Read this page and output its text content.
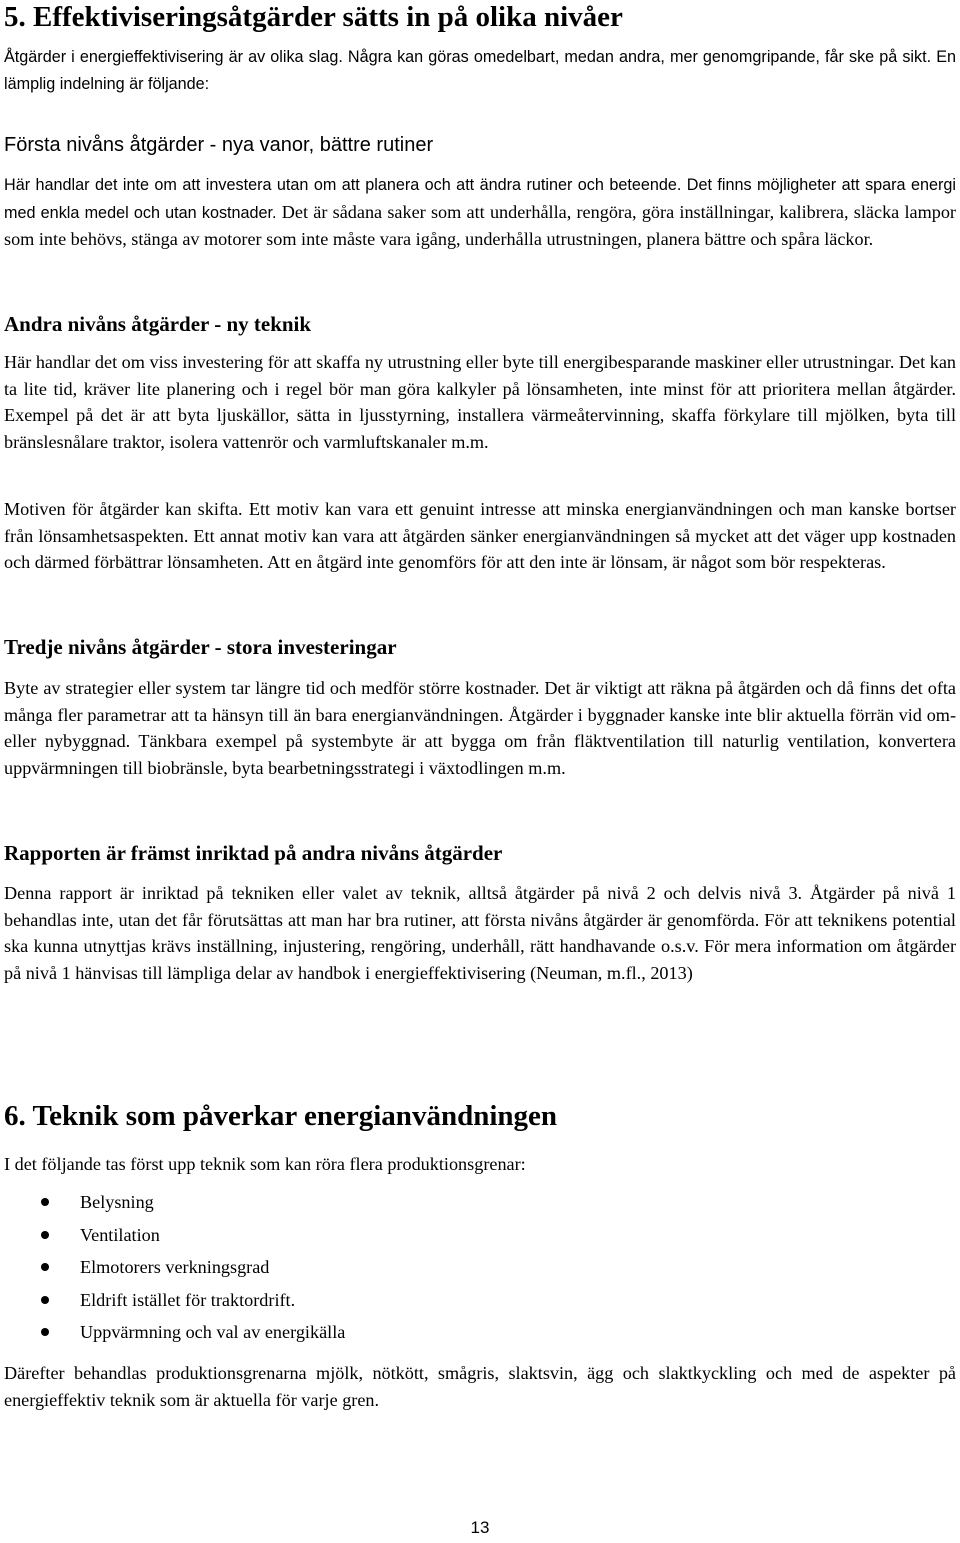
5. Effektiviseringsåtgärder sätts in på olika nivåer

Åtgärder i energieffektivisering är av olika slag. Några kan göras omedelbart, medan andra, mer genomgripande, får ske på sikt. En lämplig indelning är följande:

Första nivåns åtgärder - nya vanor, bättre rutiner

Här handlar det inte om att investera utan om att planera och att ändra rutiner och beteende. Det finns möjligheter att spara energi med enkla medel och utan kostnader. Det är sådana saker som att underhålla, rengöra, göra inställningar, kalibrera, släcka lampor som inte behövs, stänga av motorer som inte måste vara igång, underhålla utrustningen, planera bättre och spåra läckor.

Andra nivåns åtgärder - ny teknik

Här handlar det om viss investering för att skaffa ny utrustning eller byte till energibesparande maskiner eller utrustningar. Det kan ta lite tid, kräver lite planering och i regel bör man göra kalkyler på lönsamheten, inte minst för att prioritera mellan åtgärder. Exempel på det är att byta ljuskällor, sätta in ljusstyrning, installera värmeåtervinning, skaffa förkylare till mjölken, byta till bränslesnålare traktor, isolera vattenrör och varmluftskanaler m.m.

Motiven för åtgärder kan skifta. Ett motiv kan vara ett genuint intresse att minska energianvändningen och man kanske bortser från lönsamhetsaspekten. Ett annat motiv kan vara att åtgärden sänker energianvändningen så mycket att det väger upp kostnaden och därmed förbättrar lönsamheten. Att en åtgärd inte genomförs för att den inte är lönsam, är något som bör respekteras.

Tredje nivåns åtgärder - stora investeringar

Byte av strategier eller system tar längre tid och medför större kostnader. Det är viktigt att räkna på åtgärden och då finns det ofta många fler parametrar att ta hänsyn till än bara energianvändningen. Åtgärder i byggnader kanske inte blir aktuella förrän vid om- eller nybyggnad. Tänkbara exempel på systembyte är att bygga om från fläktventilation till naturlig ventilation, konvertera uppvärmningen till biobränsle, byta bearbetningsstrategi i växtodlingen m.m.

Rapporten är främst inriktad på andra nivåns åtgärder

Denna rapport är inriktad på tekniken eller valet av teknik, alltså åtgärder på nivå 2 och delvis nivå 3. Åtgärder på nivå 1 behandlas inte, utan det får förutsättas att man har bra rutiner, att första nivåns åtgärder är genomförda. För att teknikens potential ska kunna utnyttjas krävs inställning, injustering, rengöring, underhåll, rätt handhavande o.s.v. För mera information om åtgärder på nivå 1 hänvisas till lämpliga delar av handbok i energieffektivisering (Neuman, m.fl., 2013)

6. Teknik som påverkar energianvändningen

I det följande tas först upp teknik som kan röra flera produktionsgrenar:

Belysning
Ventilation
Elmotorers verkningsgrad
Eldrift istället för traktordrift.
Uppvärmning och val av energikälla

Därefter behandlas produktionsgrenarna mjölk, nötkött, smågris, slaktsvin, ägg och slaktkyckling och med de aspekter på energieffektiv teknik som är aktuella för varje gren.

13
